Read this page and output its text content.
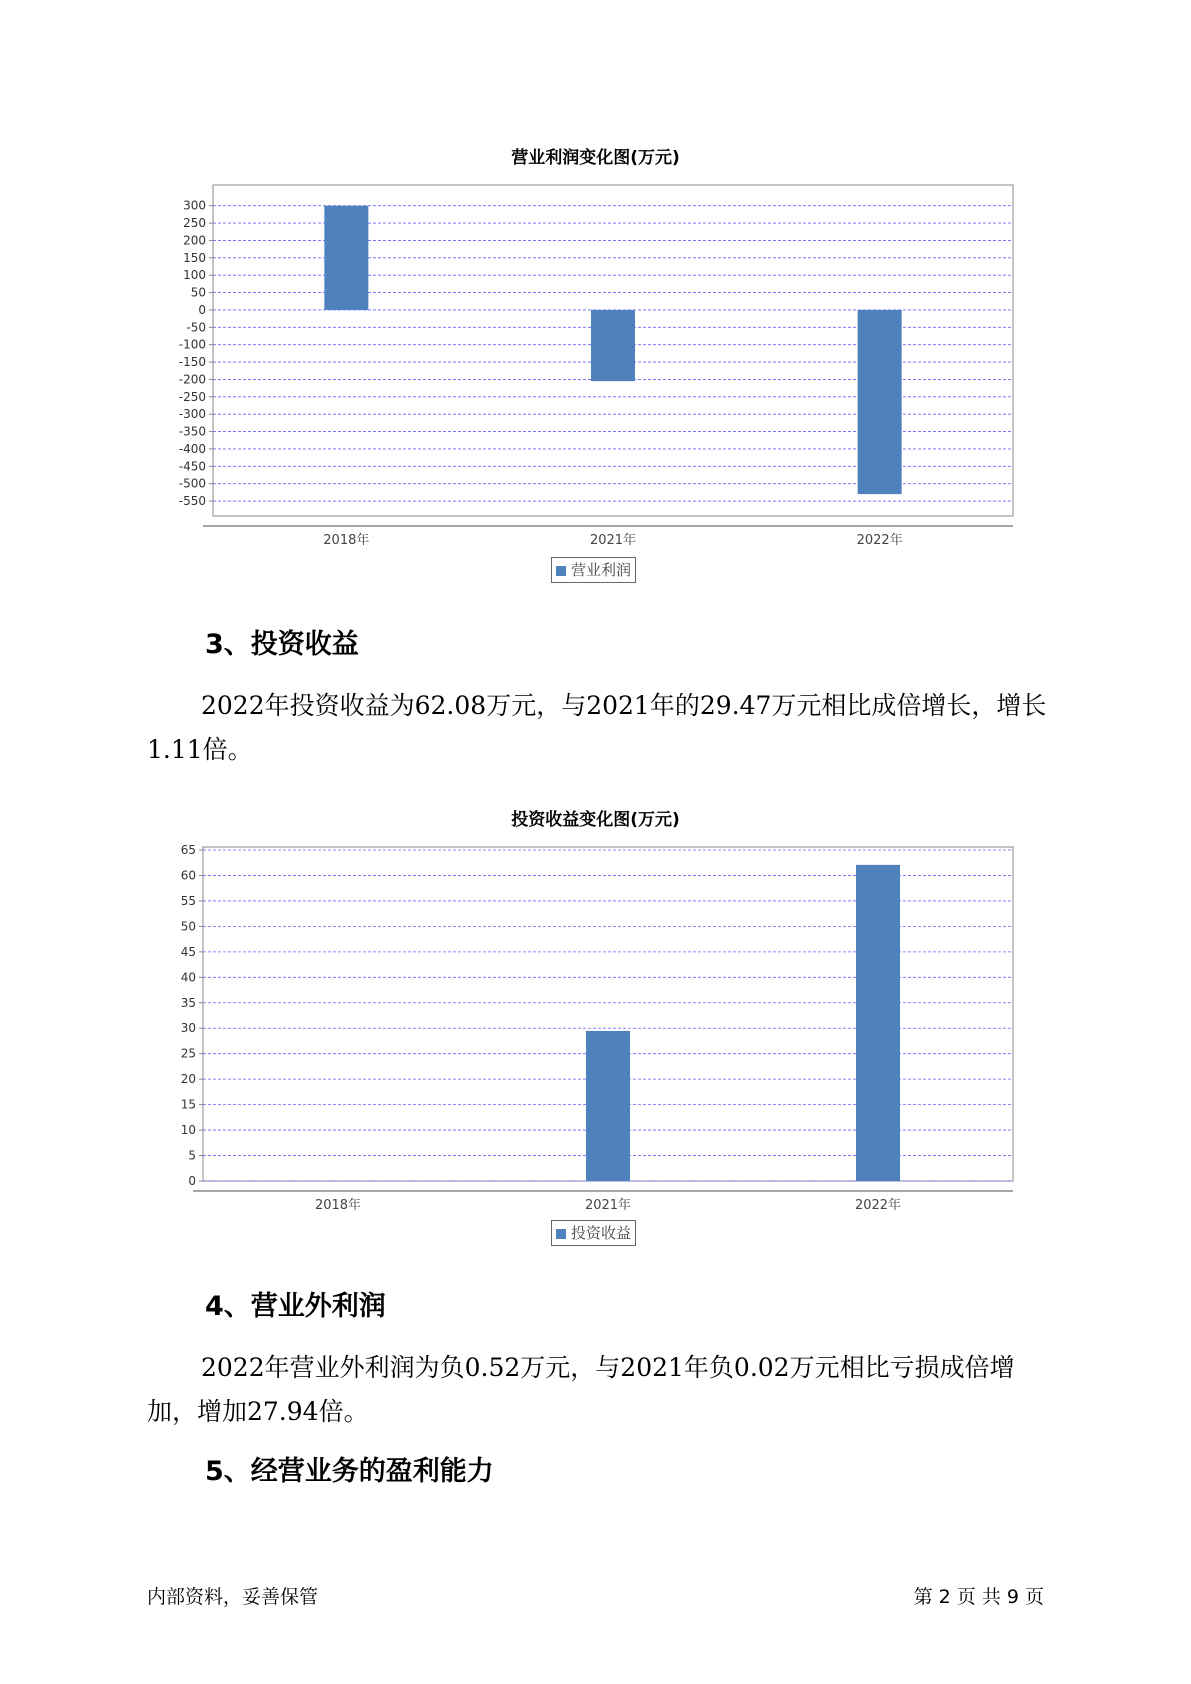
营业利润变化图(万元)
300
250
200
150
100
50
0
-50
-100
-150
-200
-250
-300
-350
-400
-450
-500
-550
2018年	2021年	2022年
营业利润
3、投资收益
2022年投资收益为62.08万元，与2021年的29.47万元相比成倍增长，增长1.11倍。
投资收益变化图(万元)
65
60
55
50
45
40
35
30
25
20
15
10
5
0
2018年	2021年	2022年
投资收益
4、营业外利润
2022年营业外利润为负0.52万元，与2021年负0.02万元相比亏损成倍增加，增加27.94倍。
5、经营业务的盈利能力
内部资料，妥善保管	第 2 页 共 9 页
